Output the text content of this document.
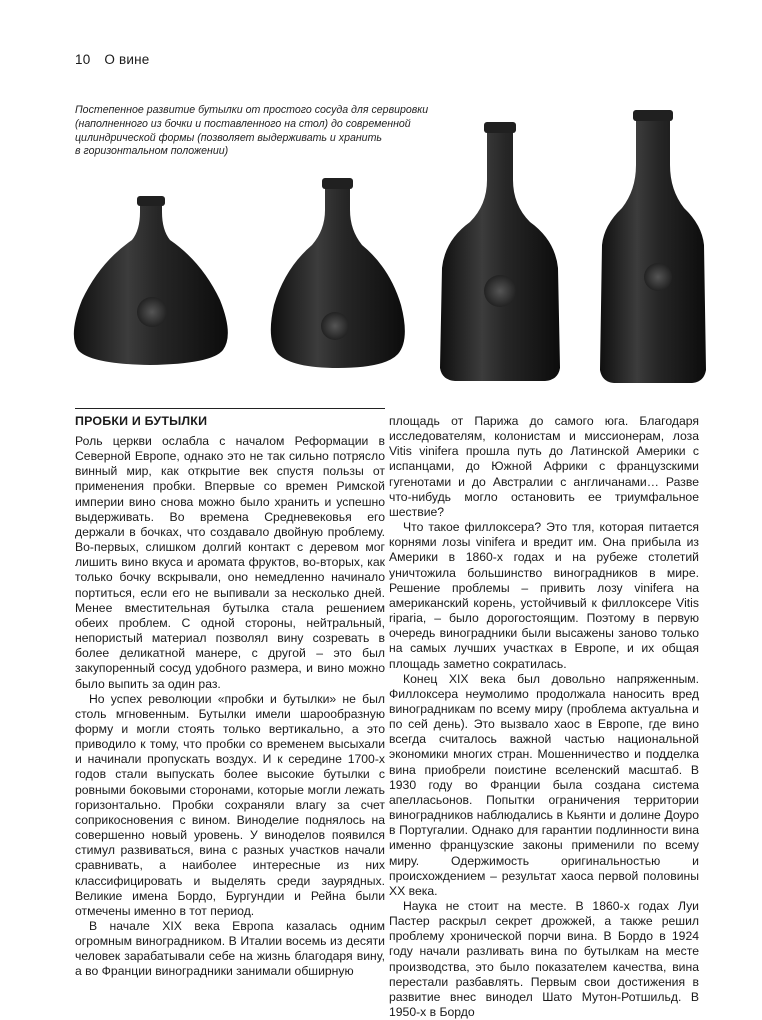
10 О вине
Постепенное развитие бутылки от простого сосуда для сервировки
(наполненного из бочки и поставленного на стол) до современной
цилиндрической формы (позволяет выдерживать и хранить
в горизонтальном положении)
ПРОБКИ И БУТЫЛКИ

Роль церкви ослабла с началом Реформации в Северной Европе, однако это не так сильно потрясло винный мир, как открытие век спустя пользы от применения пробки. Впервые со времен Римской империи вино снова можно было хранить и успешно выдерживать. Во времена Средневековья его держали в бочках, что создавало двойную проблему. Во-первых, слишком долгий контакт с деревом мог лишить вино вкуса и аромата фруктов, во-вторых, как только бочку вскрывали, оно немедленно начинало портиться, если его не выпивали за несколько дней. Менее вместительная бутылка стала решением обеих проблем. С одной стороны, нейтральный, непористый материал позволял вину созревать в более деликатной манере, с другой – это был закупоренный сосуд удобного размера, и вино можно было выпить за один раз.

Но успех революции «пробки и бутылки» не был столь мгновенным. Бутылки имели шарообразную форму и могли стоять только вертикально, а это приводило к тому, что пробки со временем высыхали и начинали пропускать воздух. И к середине 1700-х годов стали выпускать более высокие бутылки с ровными боковыми сторонами, которые могли лежать горизонтально. Пробки сохраняли влагу за счет соприкосновения с вином. Виноделие поднялось на совершенно новый уровень. У виноделов появился стимул развиваться, вина с разных участков начали сравнивать, а наиболее интересные из них классифицировать и выделять среди заурядных. Великие имена Бордо, Бургундии и Рейна были отмечены именно в тот период.

В начале XIX века Европа казалась одним огромным виноградником. В Италии восемь из десяти человек зарабатывали себе на жизнь благодаря вину, а во Франции виноградники занимали обширную

площадь от Парижа до самого юга. Благодаря исследователям, колонистам и миссионерам, лоза Vitis vinifera прошла путь до Латинской Америки с испанцами, до Южной Африки с французскими гугенотами и до Австралии с англичанами… Разве что-нибудь могло остановить ее триумфальное шествие?

Что такое филлоксера? Это тля, которая питается корнями лозы vinifera и вредит им. Она прибыла из Америки в 1860-х годах и на рубеже столетий уничтожила большинство виноградников в мире. Решение проблемы – привить лозу vinifera на американский корень, устойчивый к филлоксере Vitis riparia, – было дорогостоящим. Поэтому в первую очередь виноградники были высажены заново только на самых лучших участках в Европе, и их общая площадь заметно сократилась.

Конец XIX века был довольно напряженным. Филлоксера неумолимо продолжала наносить вред виноградникам по всему миру (проблема актуальна и по сей день). Это вызвало хаос в Европе, где вино всегда считалось важной частью национальной экономики многих стран. Мошенничество и подделка вина приобрели поистине вселенский масштаб. В 1930 году во Франции была создана система апелласьонов. Попытки ограничения территории виноградников наблюдались в Кьянти и долине Доуро в Португалии. Однако для гарантии подлинности вина именно французские законы применили по всему миру. Одержимость оригинальностью и происхождением – результат хаоса первой половины XX века.

Наука не стоит на месте. В 1860-х годах Луи Пастер раскрыл секрет дрожжей, а также решил проблему хронической порчи вина. В Бордо в 1924 году начали разливать вина по бутылкам на месте производства, это было показателем качества, вина перестали разбавлять. Первым свои достижения в развитие внес винодел Шато Мутон-Ротшильд. В 1950-х в Бордо
